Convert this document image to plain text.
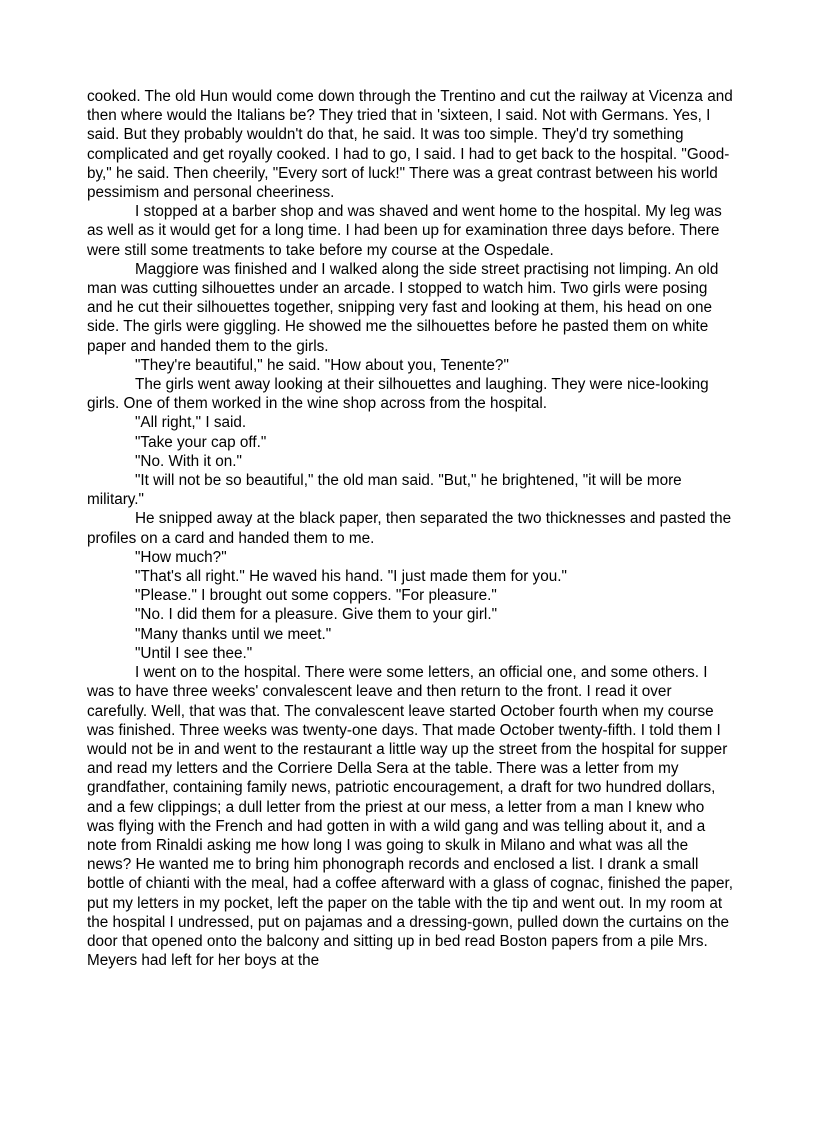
cooked. The old Hun would come down through the Trentino and cut the railway at Vicenza and then where would the Italians be? They tried that in 'sixteen, I said. Not with Germans. Yes, I said. But they probably wouldn't do that, he said. It was too simple. They'd try something complicated and get royally cooked. I had to go, I said. I had to get back to the hospital. "Good-by," he said. Then cheerily, "Every sort of luck!" There was a great contrast between his world pessimism and personal cheeriness.

I stopped at a barber shop and was shaved and went home to the hospital. My leg was as well as it would get for a long time. I had been up for examination three days before. There were still some treatments to take before my course at the Ospedale.

Maggiore was finished and I walked along the side street practising not limping. An old man was cutting silhouettes under an arcade. I stopped to watch him. Two girls were posing and he cut their silhouettes together, snipping very fast and looking at them, his head on one side. The girls were giggling. He showed me the silhouettes before he pasted them on white paper and handed them to the girls.

"They're beautiful," he said. "How about you, Tenente?"

The girls went away looking at their silhouettes and laughing. They were nice-looking girls. One of them worked in the wine shop across from the hospital.

"All right," I said.

"Take your cap off."

"No. With it on."

"It will not be so beautiful," the old man said. "But," he brightened, "it will be more military."

He snipped away at the black paper, then separated the two thicknesses and pasted the profiles on a card and handed them to me.

"How much?"

"That's all right." He waved his hand. "I just made them for you."

"Please." I brought out some coppers. "For pleasure."

"No. I did them for a pleasure. Give them to your girl."

"Many thanks until we meet."

"Until I see thee."

I went on to the hospital. There were some letters, an official one, and some others. I was to have three weeks' convalescent leave and then return to the front. I read it over carefully. Well, that was that. The convalescent leave started October fourth when my course was finished. Three weeks was twenty-one days. That made October twenty-fifth. I told them I would not be in and went to the restaurant a little way up the street from the hospital for supper and read my letters and the Corriere Della Sera at the table. There was a letter from my grandfather, containing family news, patriotic encouragement, a draft for two hundred dollars, and a few clippings; a dull letter from the priest at our mess, a letter from a man I knew who was flying with the French and had gotten in with a wild gang and was telling about it, and a note from Rinaldi asking me how long I was going to skulk in Milano and what was all the news? He wanted me to bring him phonograph records and enclosed a list. I drank a small bottle of chianti with the meal, had a coffee afterward with a glass of cognac, finished the paper, put my letters in my pocket, left the paper on the table with the tip and went out. In my room at the hospital I undressed, put on pajamas and a dressing-gown, pulled down the curtains on the door that opened onto the balcony and sitting up in bed read Boston papers from a pile Mrs. Meyers had left for her boys at the
